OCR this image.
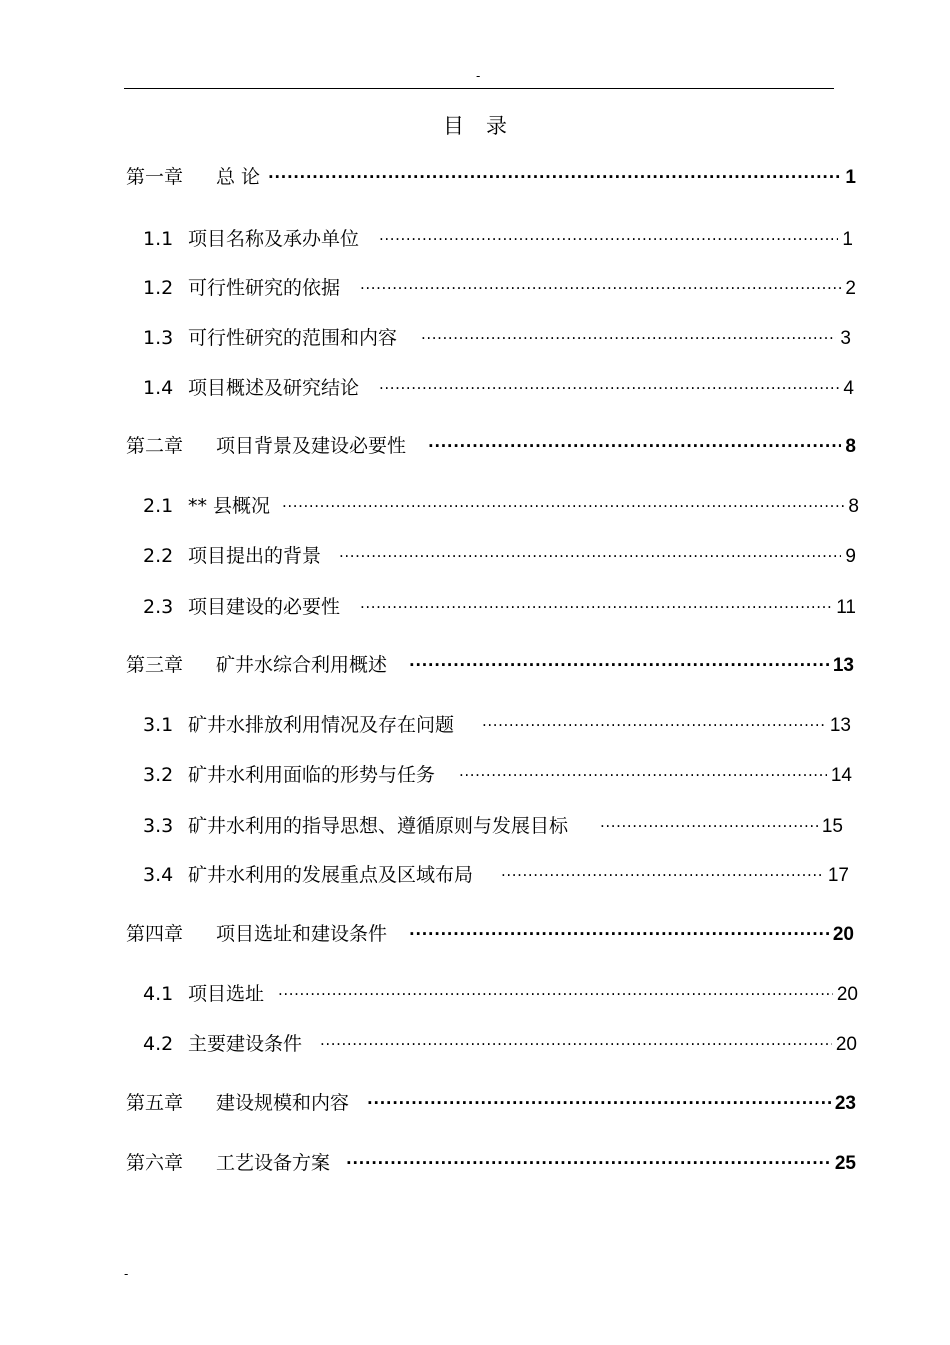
-
目录
第一章	总 论 .....	1
1.1 项目名称及承办单位 .....	1
1.2 可行性研究的依据 .....	2
1.3 可行性研究的范围和内容 .....	3
1.4 项目概述及研究结论 .....	4
第二章	项目背景及建设必要性 .....	8
2.1 ** 县概况 .....	8
2.2 项目提出的背景 .....	9
2.3 项目建设的必要性 .....	11
第三章	矿井水综合利用概述 .....	13
3.1 矿井水排放利用情况及存在问题 .....	13
3.2 矿井水利用面临的形势与任务 .....	14
3.3 矿井水利用的指导思想、遵循原则与发展目标 .....	15
3.4 矿井水利用的发展重点及区域布局 .....	17
第四章	项目选址和建设条件 .....	20
4.1 项目选址 .....	20
4.2 主要建设条件 .....	20
第五章	建设规模和内容 .....	23
第六章	工艺设备方案 .....	25
-
